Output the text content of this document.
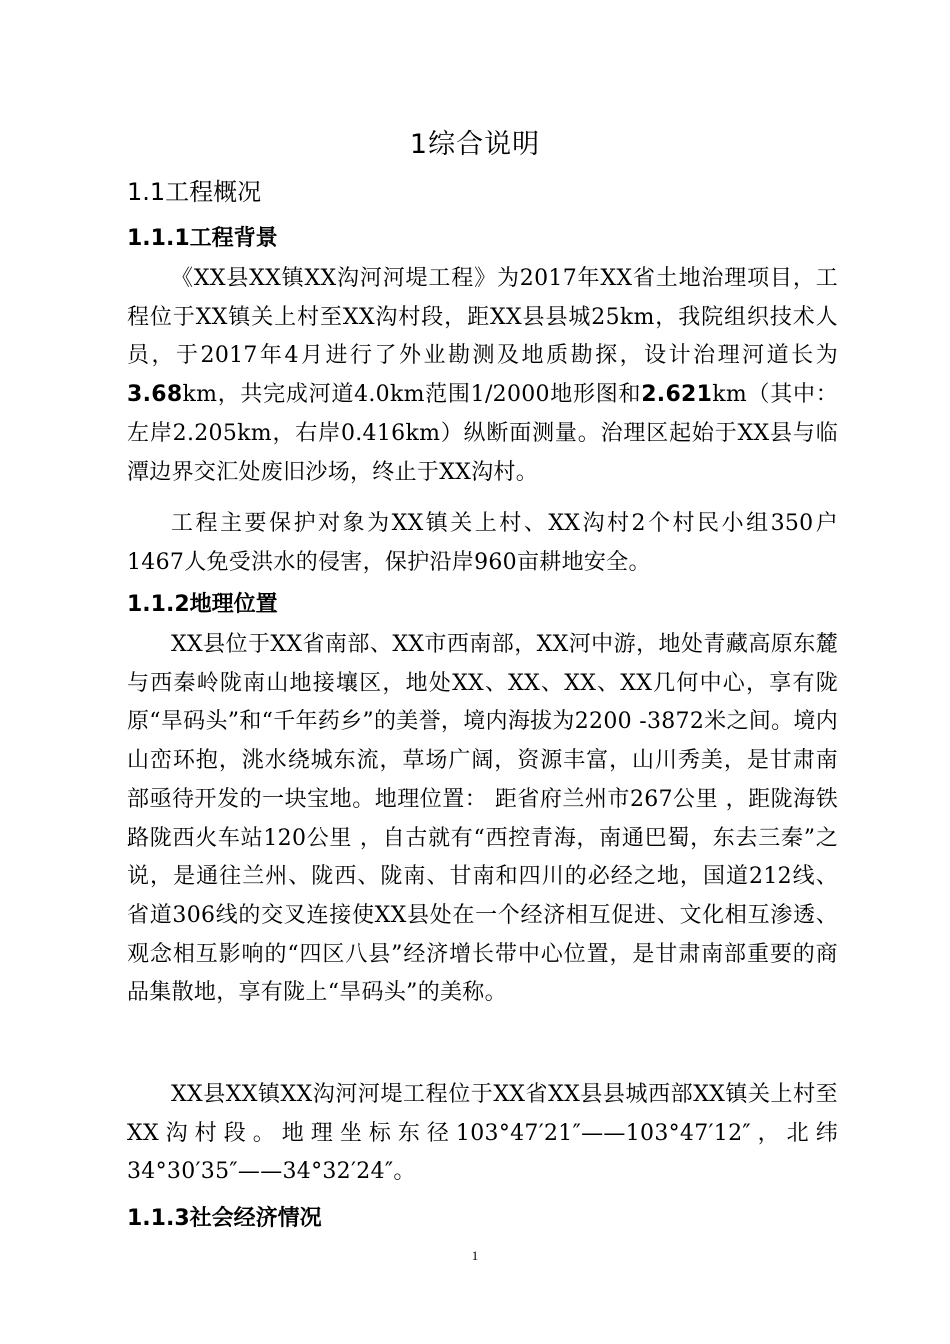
1综合说明
1.1工程概况
1.1.1工程背景

《XX县XX镇XX沟河河堤工程》为2017年XX省土地治理项目，工程位于XX镇关上村至XX沟村段，距XX县县城25km，我院组织技术人员，于2017年4月进行了外业勘测及地质勘探，设计治理河道长为3.68km，共完成河道4.0km范围1/2000地形图和2.621km（其中：左岸2.205km，右岸0.416km）纵断面测量。治理区起始于XX县与临潭边界交汇处废旧沙场，终止于XX沟村。

工程主要保护对象为XX镇关上村、XX沟村2个村民小组350户1467人免受洪水的侵害，保护沿岸960亩耕地安全。

1.1.2地理位置

XX县位于XX省南部、XX市西南部，XX河中游，地处青藏高原东麓与西秦岭陇南山地接壤区，地处XX、XX、XX、XX几何中心，享有陇原“旱码头”和“千年药乡”的美誉，境内海拔为2200 -3872米之间。境内山峦环抱，洮水绕城东流，草场广阔，资源丰富，山川秀美，是甘肃南部亟待开发的一块宝地。地理位置： 距省府兰州市267公里 ，距陇海铁路陇西火车站120公里 ，自古就有“西控青海，南通巴蜀，东去三秦”之说，是通往兰州、陇西、陇南、甘南和四川的必经之地，国道212线、省道306线的交叉连接使XX县处在一个经济相互促进、文化相互渗透、观念相互影响的“四区八县”经济增长带中心位置，是甘肃南部重要的商品集散地，享有陇上“旱码头”的美称。

XX县XX镇XX沟河河堤工程位于XX省XX县县城西部XX镇关上村至XX沟村段。地理坐标东径103°47′21″——103°47′12″，北纬34°30′35″——34°32′24″。

1.1.3社会经济情况
1
